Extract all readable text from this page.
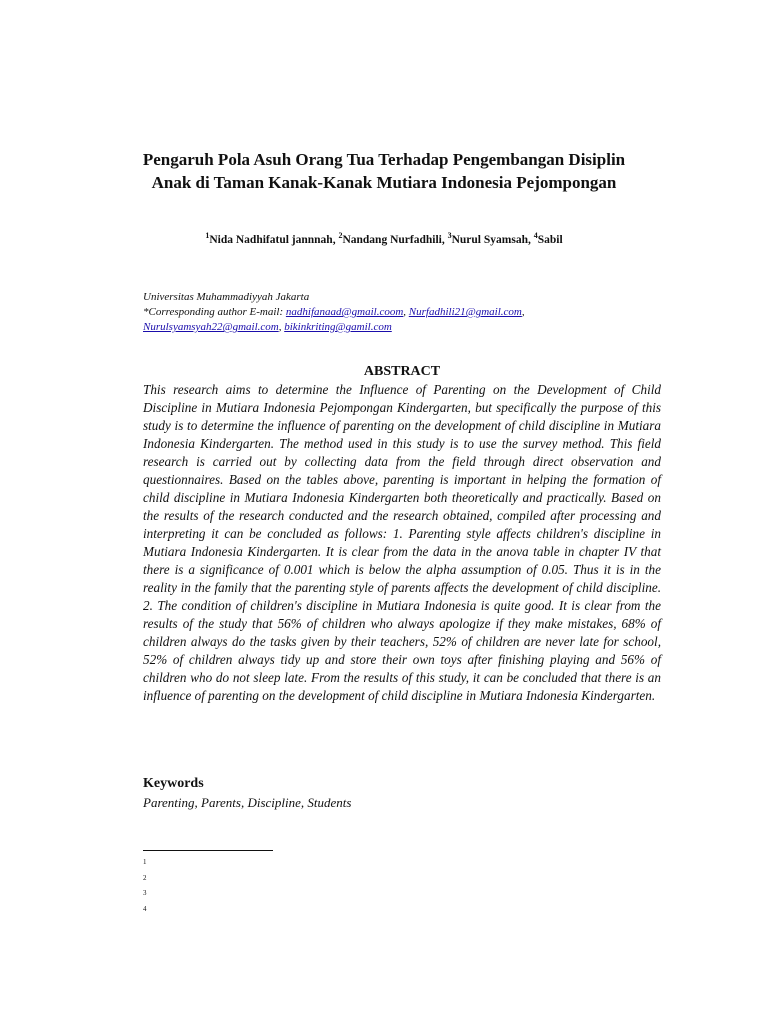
Pengaruh Pola Asuh Orang Tua Terhadap Pengembangan Disiplin
Anak di Taman Kanak-Kanak Mutiara Indonesia Pejompongan
$^1$Nida Nadhifatul jannnah, $^2$Nandang Nurfadhili, $^3$Nurul Syamsah, $^4$Sabil
Universitas Muhammadiyyah Jakarta
*Corresponding author E-mail: nadhifanaad@gmail.coom, Nurfadhili21@gmail.com,
Nurulsyamsyah22@gmail.com, bikinkriting@gamil.com
ABSTRACT
This research aims to determine the Influence of Parenting on the Development of Child Discipline in Mutiara Indonesia Pejompongan Kindergarten, but specifically the purpose of this study is to determine the influence of parenting on the development of child discipline in Mutiara Indonesia Kindergarten. The method used in this study is to use the survey method. This field research is carried out by collecting data from the field through direct observation and questionnaires. Based on the tables above, parenting is important in helping the formation of child discipline in Mutiara Indonesia Kindergarten both theoretically and practically. Based on the results of the research conducted and the research obtained, compiled after processing and interpreting it can be concluded as follows: 1. Parenting style affects children's discipline in Mutiara Indonesia Kindergarten. It is clear from the data in the anova table in chapter IV that there is a significance of 0.001 which is below the alpha assumption of 0.05. Thus it is in the reality in the family that the parenting style of parents affects the development of child discipline. 2. The condition of children's discipline in Mutiara Indonesia is quite good. It is clear from the results of the study that 56% of children who always apologize if they make mistakes, 68% of children always do the tasks given by their teachers, 52% of children are never late for school, 52% of children always tidy up and store their own toys after finishing playing and 56% of children who do not sleep late. From the results of this study, it can be concluded that there is an influence of parenting on the development of child discipline in Mutiara Indonesia Kindergarten.
Keywords
Parenting, Parents, Discipline, Students
1
2
3
4
